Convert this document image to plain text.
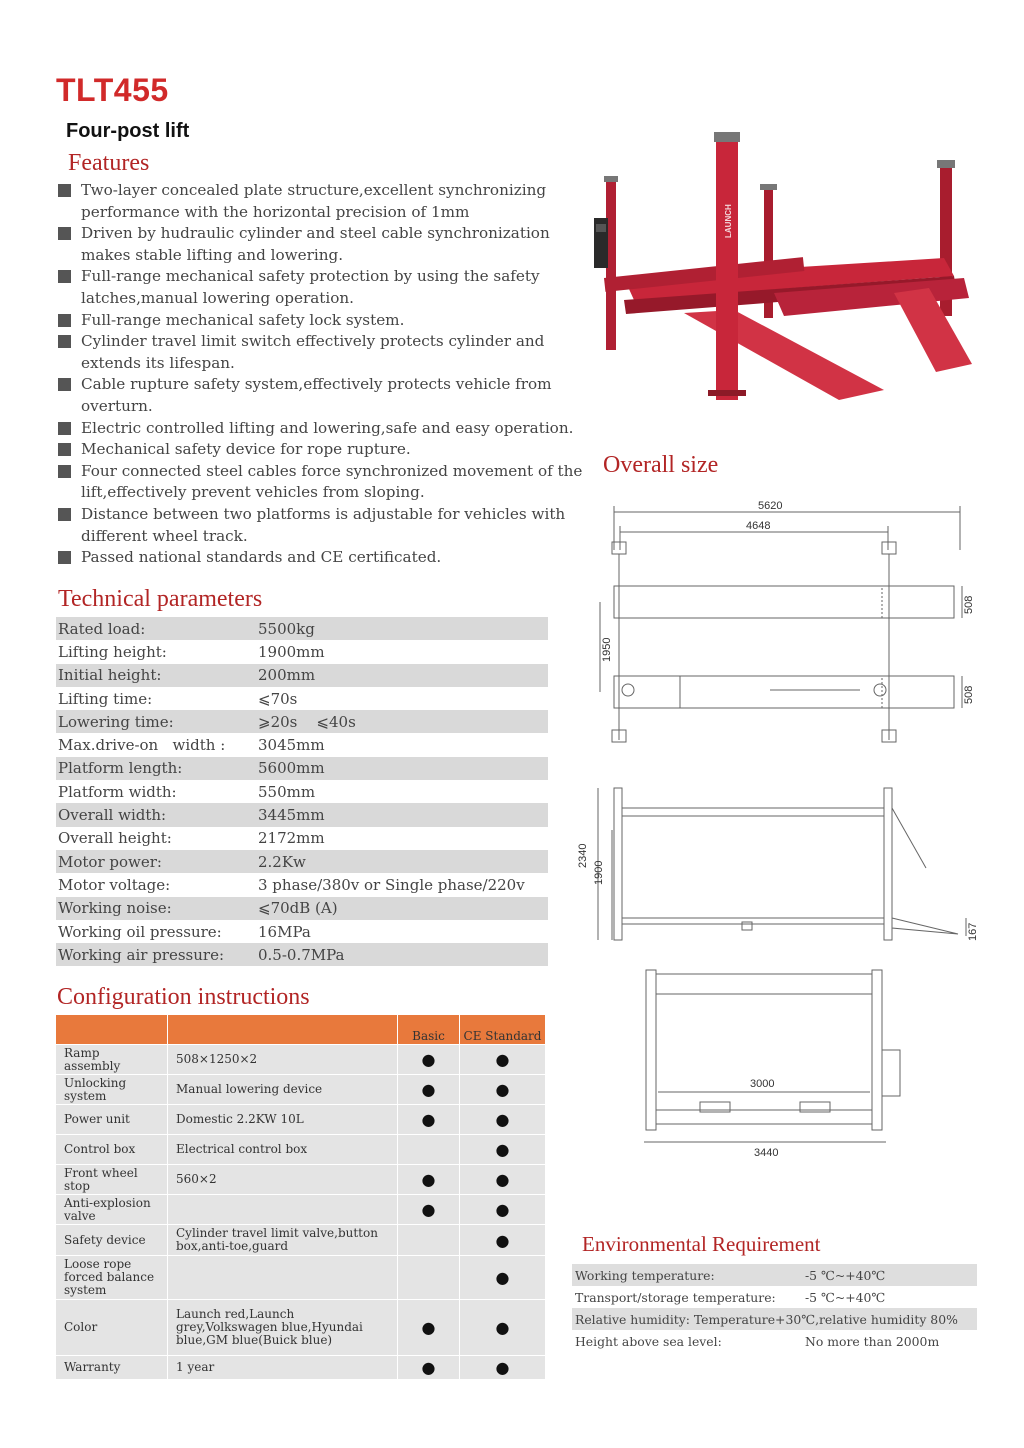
TLT455
Four-post lift
Features
Two-layer concealed plate structure,excellent synchronizing performance with the horizontal precision of 1mm
Driven by hudraulic cylinder and steel cable synchronization makes stable lifting and lowering.
Full-range mechanical safety protection by using the safety latches,manual lowering operation.
Full-range mechanical safety lock system.
Cylinder travel limit switch effectively protects cylinder and extends its lifespan.
Cable rupture safety system,effectively protects vehicle from overturn.
Electric controlled lifting and lowering,safe and easy operation.
Mechanical safety device for rope rupture.
Four connected steel cables force synchronized movement of the lift,effectively prevent vehicles from sloping.
Distance between two platforms is adjustable for vehicles with different wheel track.
Passed national standards and CE certificated.
LAUNCH
Technical parameters
Rated load:	5500kg
Lifting height:	1900mm
Initial height:	200mm
Lifting time:	⩽70s
Lowering time:	⩾20s    ⩽40s
Max.drive-on   width :	3045mm
Platform length:	5600mm
Platform width:	550mm
Overall width:	3445mm
Overall height:	2172mm
Motor power:	2.2Kw
Motor voltage:	3 phase/380v or Single phase/220v
Working noise:	⩽70dB (A)
Working oil pressure:	16MPa
Working air pressure:	0.5-0.7MPa
Configuration instructions
		Basic	CE Standard
Ramp assembly	508×1250×2	●	●
Unlocking system	Manual lowering device	●	●
Power unit	Domestic 2.2KW 10L	●	●
Control box	Electrical control box		●
Front wheel stop	560×2	●	●
Anti-explosion valve		●	●
Safety device	Cylinder travel limit valve,button box,anti-toe,guard		●
Loose rope forced balance system			●
Color	Launch red,Launch grey,Volkswagen blue,Hyundai blue,GM blue(Buick blue)	●	●
Warranty	1 year	●	●
Overall size
5620
4648
1950
508
508
2340
1900
167
3000
3440
Environmental Requirement
Working temperature:	-5 ℃~+40℃
Transport/storage temperature:	-5 ℃~+40℃
Relative humidity: Temperature+30℃,relative humidity 80%
Height above sea level:	No more than 2000m
